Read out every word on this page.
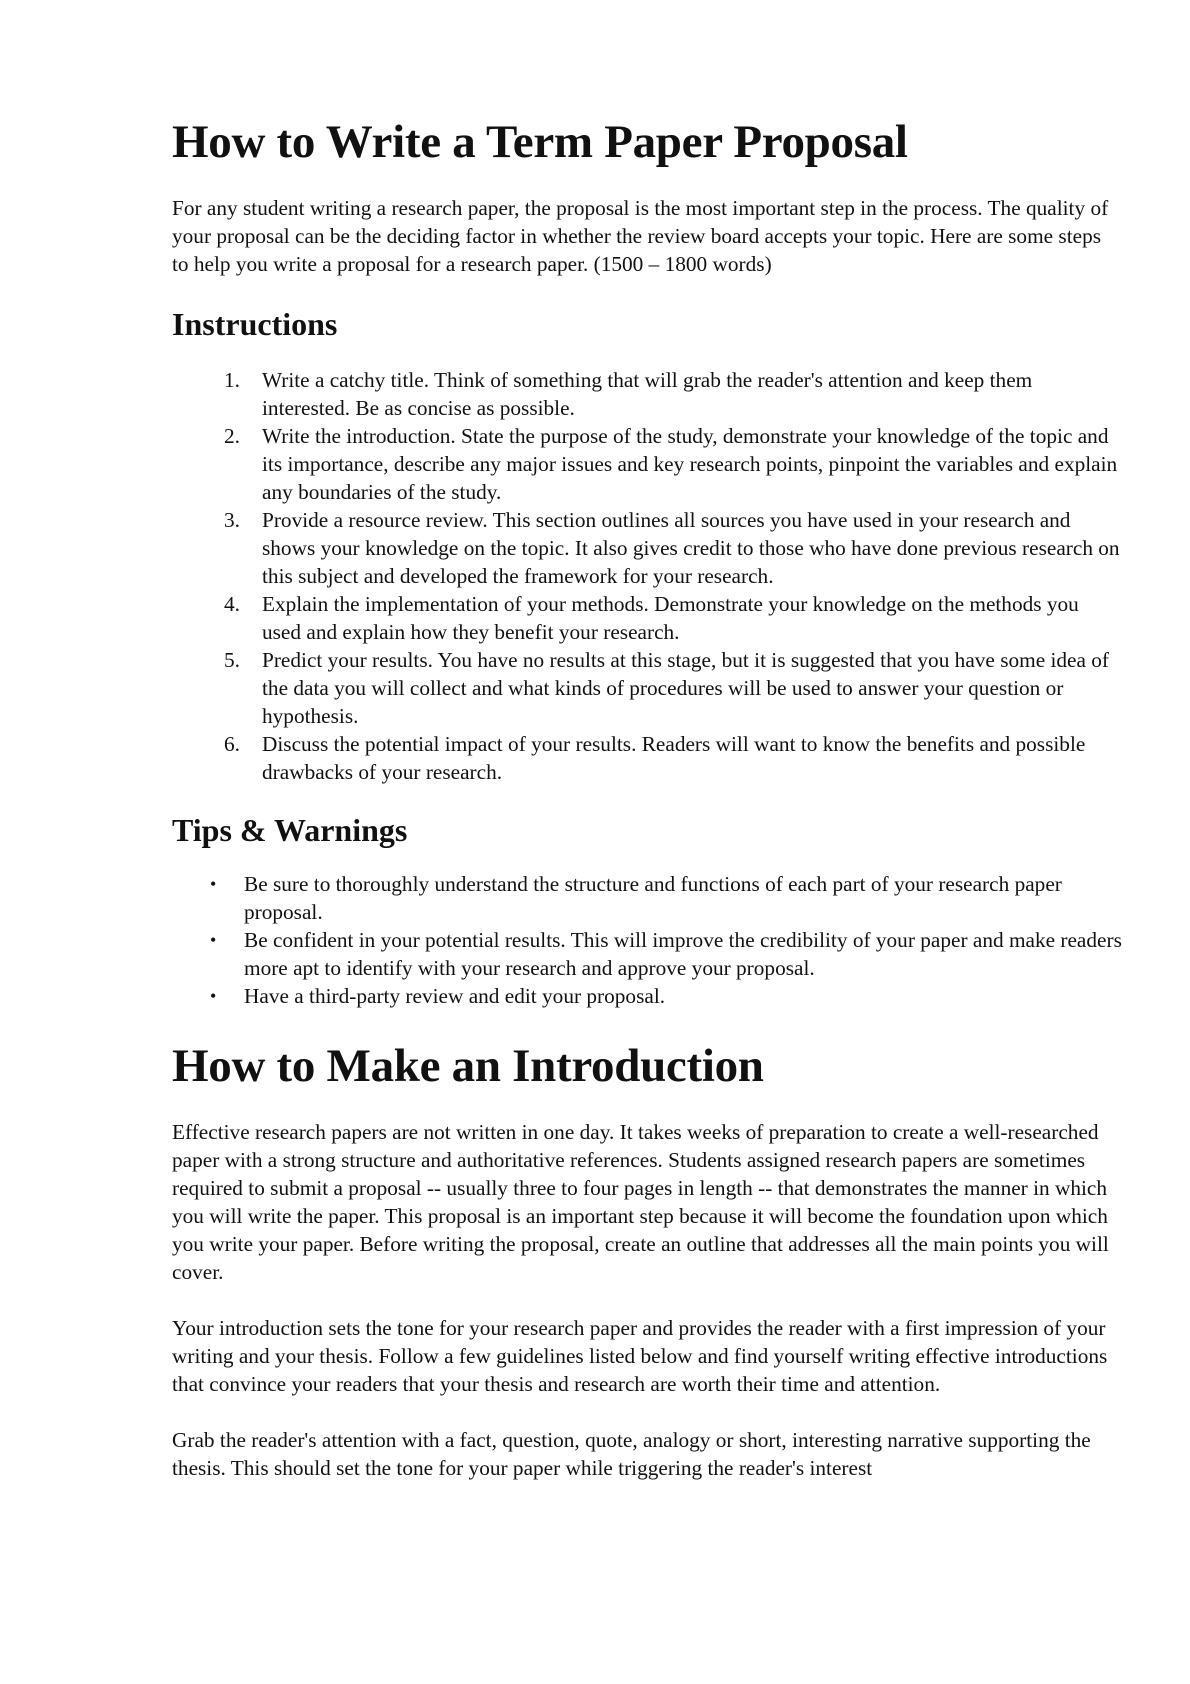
How to Write a Term Paper Proposal

For any student writing a research paper, the proposal is the most important step in the process. The quality of your proposal can be the deciding factor in whether the review board accepts your topic. Here are some steps to help you write a proposal for a research paper. (1500 – 1800 words)

Instructions
1. Write a catchy title. Think of something that will grab the reader's attention and keep them interested. Be as concise as possible.
2. Write the introduction. State the purpose of the study, demonstrate your knowledge of the topic and its importance, describe any major issues and key research points, pinpoint the variables and explain any boundaries of the study.
3. Provide a resource review. This section outlines all sources you have used in your research and shows your knowledge on the topic. It also gives credit to those who have done previous research on this subject and developed the framework for your research.
4. Explain the implementation of your methods. Demonstrate your knowledge on the methods you used and explain how they benefit your research.
5. Predict your results. You have no results at this stage, but it is suggested that you have some idea of the data you will collect and what kinds of procedures will be used to answer your question or hypothesis.
6. Discuss the potential impact of your results. Readers will want to know the benefits and possible drawbacks of your research.
Tips & Warnings
• Be sure to thoroughly understand the structure and functions of each part of your research paper proposal.
• Be confident in your potential results. This will improve the credibility of your paper and make readers more apt to identify with your research and approve your proposal.
• Have a third-party review and edit your proposal.
How to Make an Introduction

Effective research papers are not written in one day. It takes weeks of preparation to create a well-researched paper with a strong structure and authoritative references. Students assigned research papers are sometimes required to submit a proposal -- usually three to four pages in length -- that demonstrates the manner in which you will write the paper. This proposal is an important step because it will become the foundation upon which you write your paper. Before writing the proposal, create an outline that addresses all the main points you will cover.

Your introduction sets the tone for your research paper and provides the reader with a first impression of your writing and your thesis. Follow a few guidelines listed below and find yourself writing effective introductions that convince your readers that your thesis and research are worth their time and attention.

Grab the reader's attention with a fact, question, quote, analogy or short, interesting narrative supporting the thesis. This should set the tone for your paper while triggering the reader's interest
